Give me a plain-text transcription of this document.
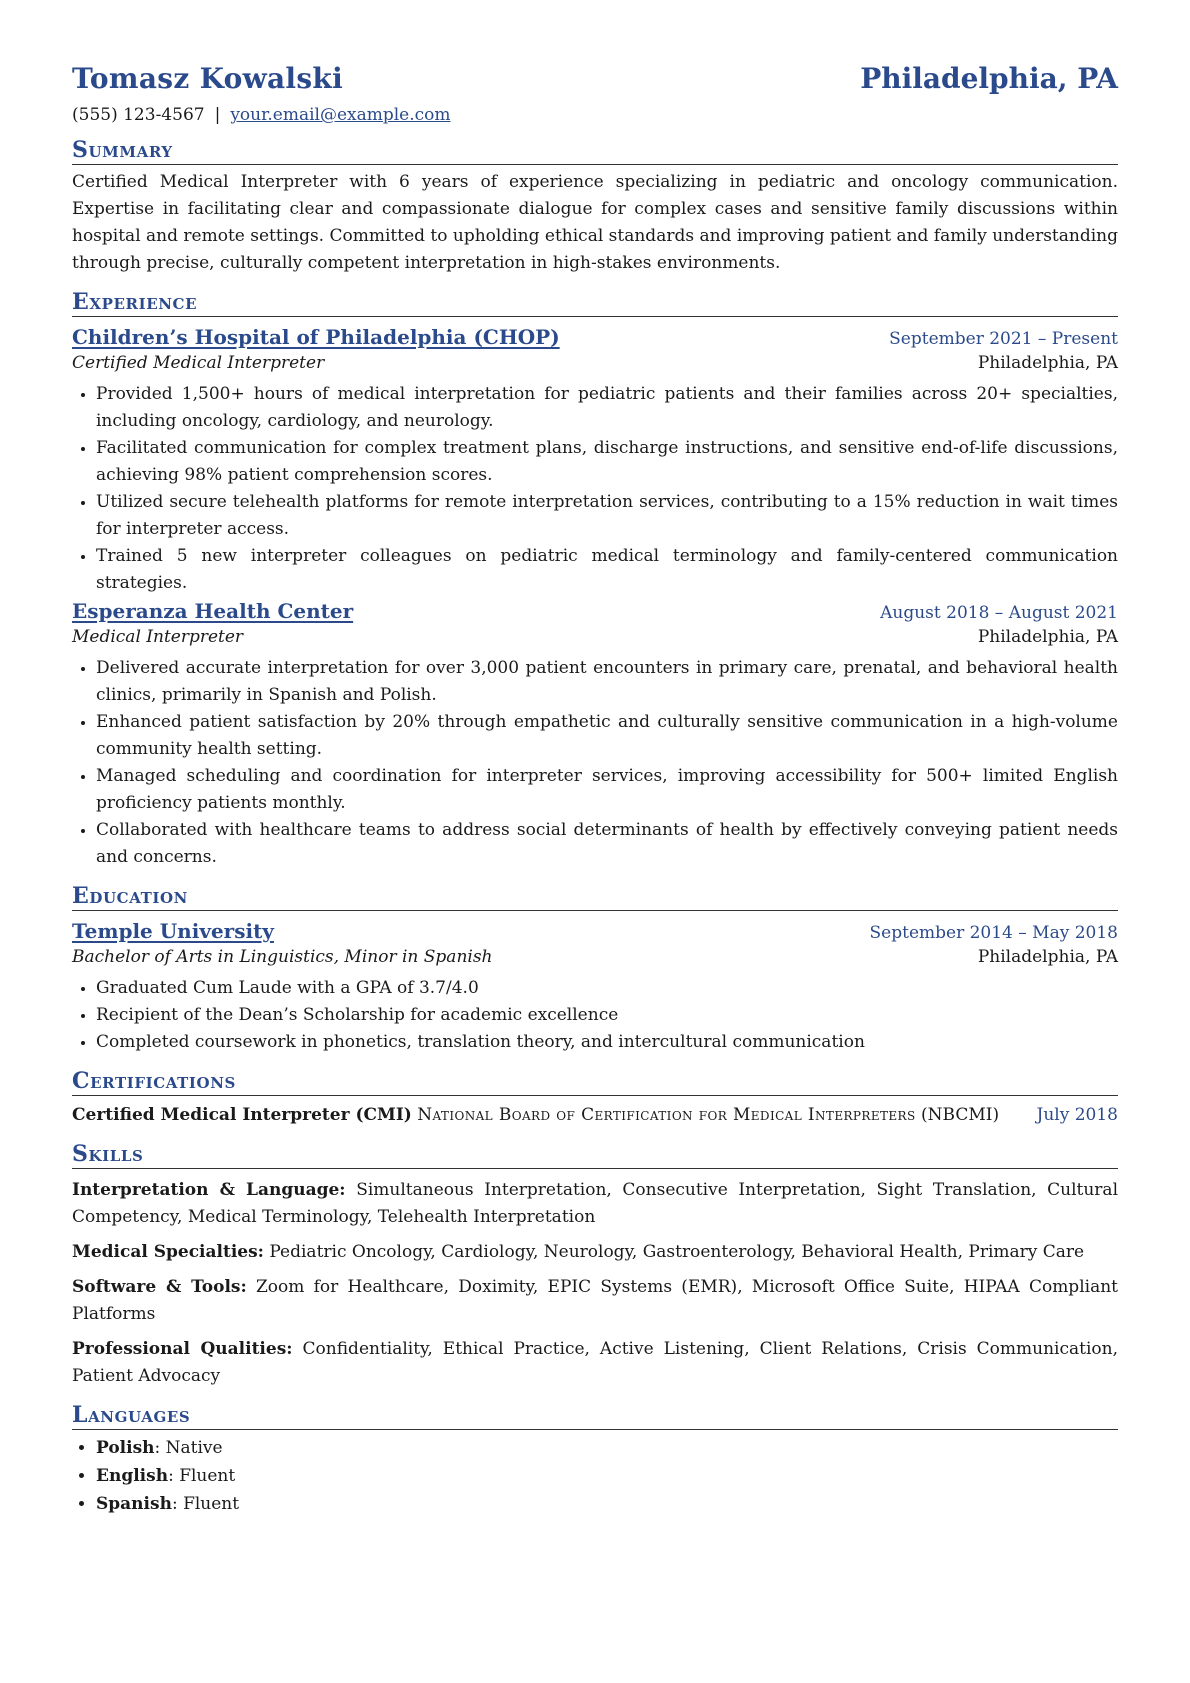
Tomasz Kowalski	Philadelphia, PA
(555) 123-4567 | your.email@example.com
Summary
Certified Medical Interpreter with 6 years of experience specializing in pediatric and oncology communication. Expertise in facilitating clear and compassionate dialogue for complex cases and sensitive family discussions within hospital and remote settings. Committed to upholding ethical standards and improving patient and family understanding through precise, culturally competent interpretation in high-stakes environments.
Experience
Children’s Hospital of Philadelphia (CHOP)	September 2021 – Present
Certified Medical Interpreter	Philadelphia, PA
• Provided 1,500+ hours of medical interpretation for pediatric patients and their families across 20+ specialties, including oncology, cardiology, and neurology.
• Facilitated communication for complex treatment plans, discharge instructions, and sensitive end-of-life discussions, achieving 98% patient comprehension scores.
• Utilized secure telehealth platforms for remote interpretation services, contributing to a 15% reduction in wait times for interpreter access.
• Trained 5 new interpreter colleagues on pediatric medical terminology and family-centered communication strategies.
Esperanza Health Center	August 2018 – August 2021
Medical Interpreter	Philadelphia, PA
• Delivered accurate interpretation for over 3,000 patient encounters in primary care, prenatal, and behavioral health clinics, primarily in Spanish and Polish.
• Enhanced patient satisfaction by 20% through empathetic and culturally sensitive communication in a high-volume community health setting.
• Managed scheduling and coordination for interpreter services, improving accessibility for 500+ limited English proficiency patients monthly.
• Collaborated with healthcare teams to address social determinants of health by effectively conveying patient needs and concerns.
Education
Temple University	September 2014 – May 2018
Bachelor of Arts in Linguistics, Minor in Spanish	Philadelphia, PA
• Graduated Cum Laude with a GPA of 3.7/4.0
• Recipient of the Dean’s Scholarship for academic excellence
• Completed coursework in phonetics, translation theory, and intercultural communication
Certifications
Certified Medical Interpreter (CMI) National Board of Certification for Medical Interpreters (NBCMI)	July 2018
Skills
Interpretation & Language: Simultaneous Interpretation, Consecutive Interpretation, Sight Translation, Cultural Competency, Medical Terminology, Telehealth Interpretation
Medical Specialties: Pediatric Oncology, Cardiology, Neurology, Gastroenterology, Behavioral Health, Primary Care
Software & Tools: Zoom for Healthcare, Doximity, EPIC Systems (EMR), Microsoft Office Suite, HIPAA Compliant Platforms
Professional Qualities: Confidentiality, Ethical Practice, Active Listening, Client Relations, Crisis Communication, Patient Advocacy
Languages
• Polish: Native
• English: Fluent
• Spanish: Fluent
